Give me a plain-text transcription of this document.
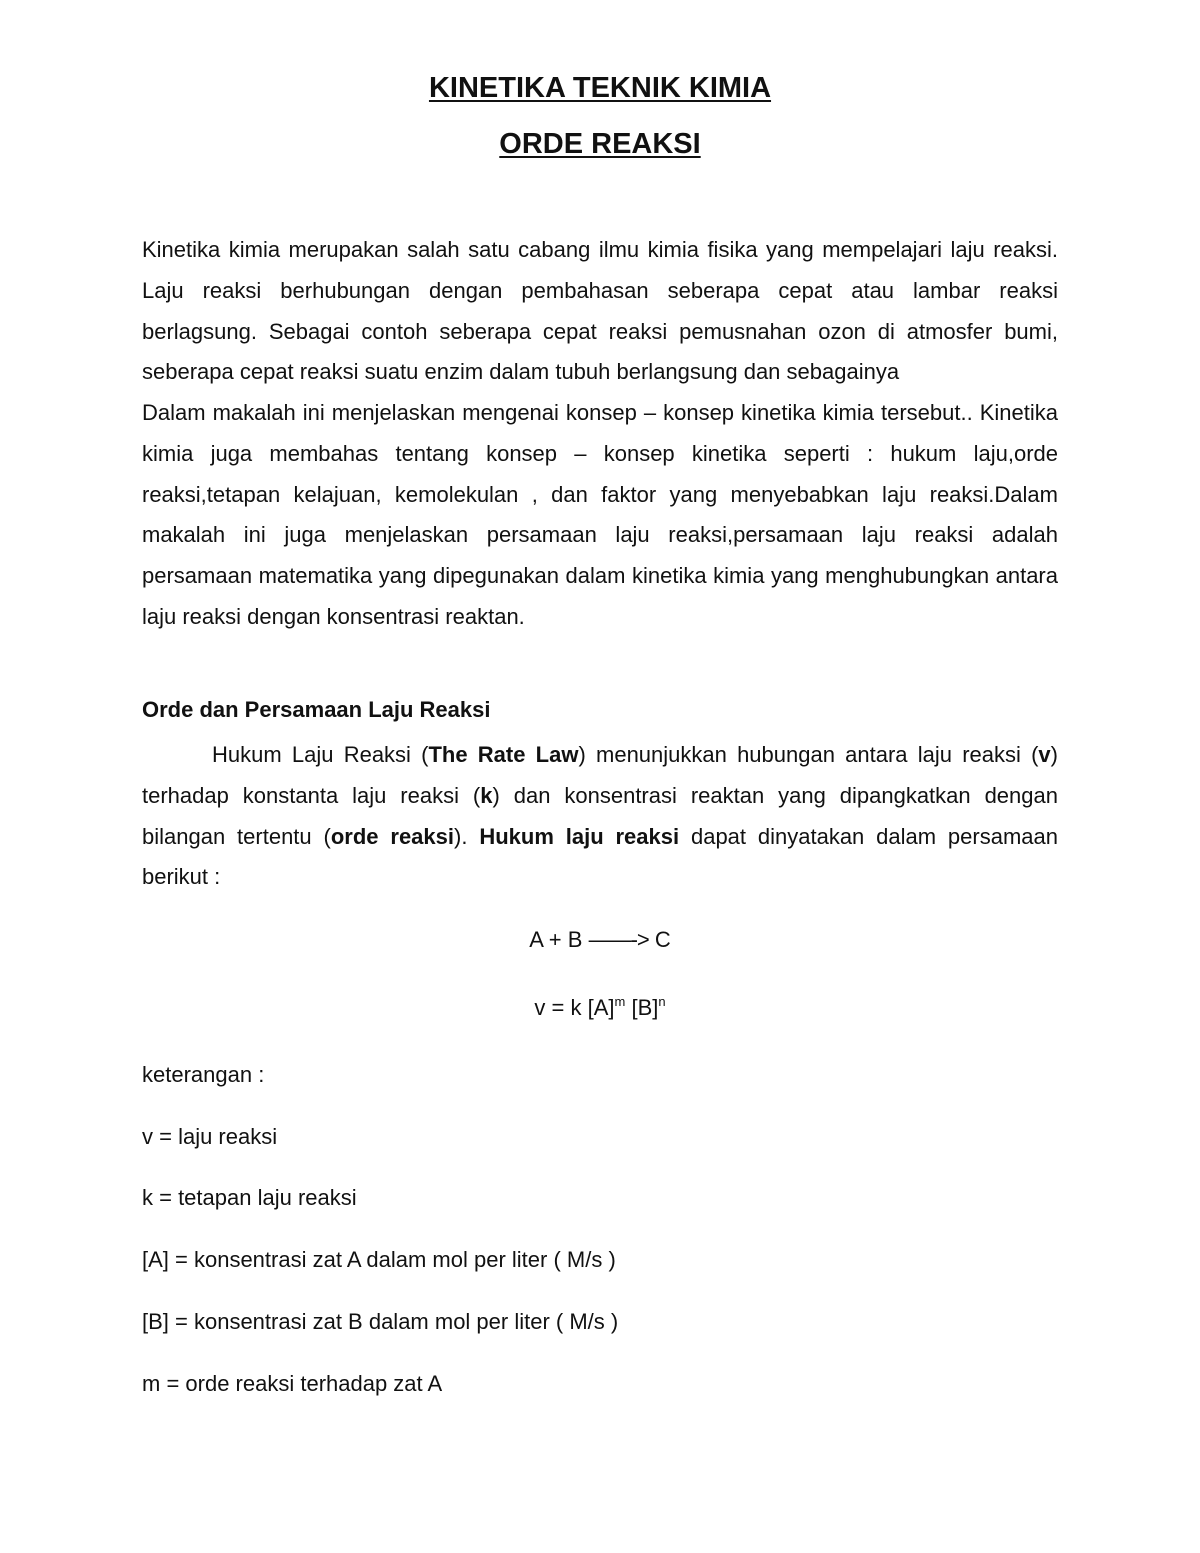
KINETIKA TEKNIK KIMIA
ORDE REAKSI

Kinetika kimia merupakan salah satu cabang ilmu kimia fisika yang mempelajari laju reaksi. Laju reaksi berhubungan dengan pembahasan seberapa cepat atau lambar reaksi berlagsung. Sebagai contoh seberapa cepat reaksi pemusnahan ozon di atmosfer bumi, seberapa cepat reaksi suatu enzim dalam tubuh berlangsung dan sebagainya

Dalam makalah ini menjelaskan mengenai konsep – konsep kinetika kimia tersebut.. Kinetika kimia juga membahas tentang konsep – konsep kinetika seperti : hukum laju,orde reaksi,tetapan kelajuan, kemolekulan , dan faktor yang menyebabkan laju reaksi.Dalam makalah ini juga menjelaskan persamaan laju reaksi,persamaan laju reaksi adalah persamaan matematika yang dipegunakan dalam kinetika kimia yang menghubungkan antara laju reaksi dengan konsentrasi reaktan.

Orde dan Persamaan Laju Reaksi

Hukum Laju Reaksi (The Rate Law) menunjukkan hubungan antara laju reaksi (v) terhadap konstanta laju reaksi (k) dan konsentrasi reaktan yang dipangkatkan dengan bilangan tertentu (orde reaksi). Hukum laju reaksi dapat dinyatakan dalam persamaan berikut :

A + B ——-> C

v = k $[A]^m$ $[B]^n$

keterangan :

v = laju reaksi

k = tetapan laju reaksi

[A] = konsentrasi zat A dalam mol per liter ( M/s )

[B] = konsentrasi zat B dalam mol per liter ( M/s )

m = orde reaksi terhadap zat A
